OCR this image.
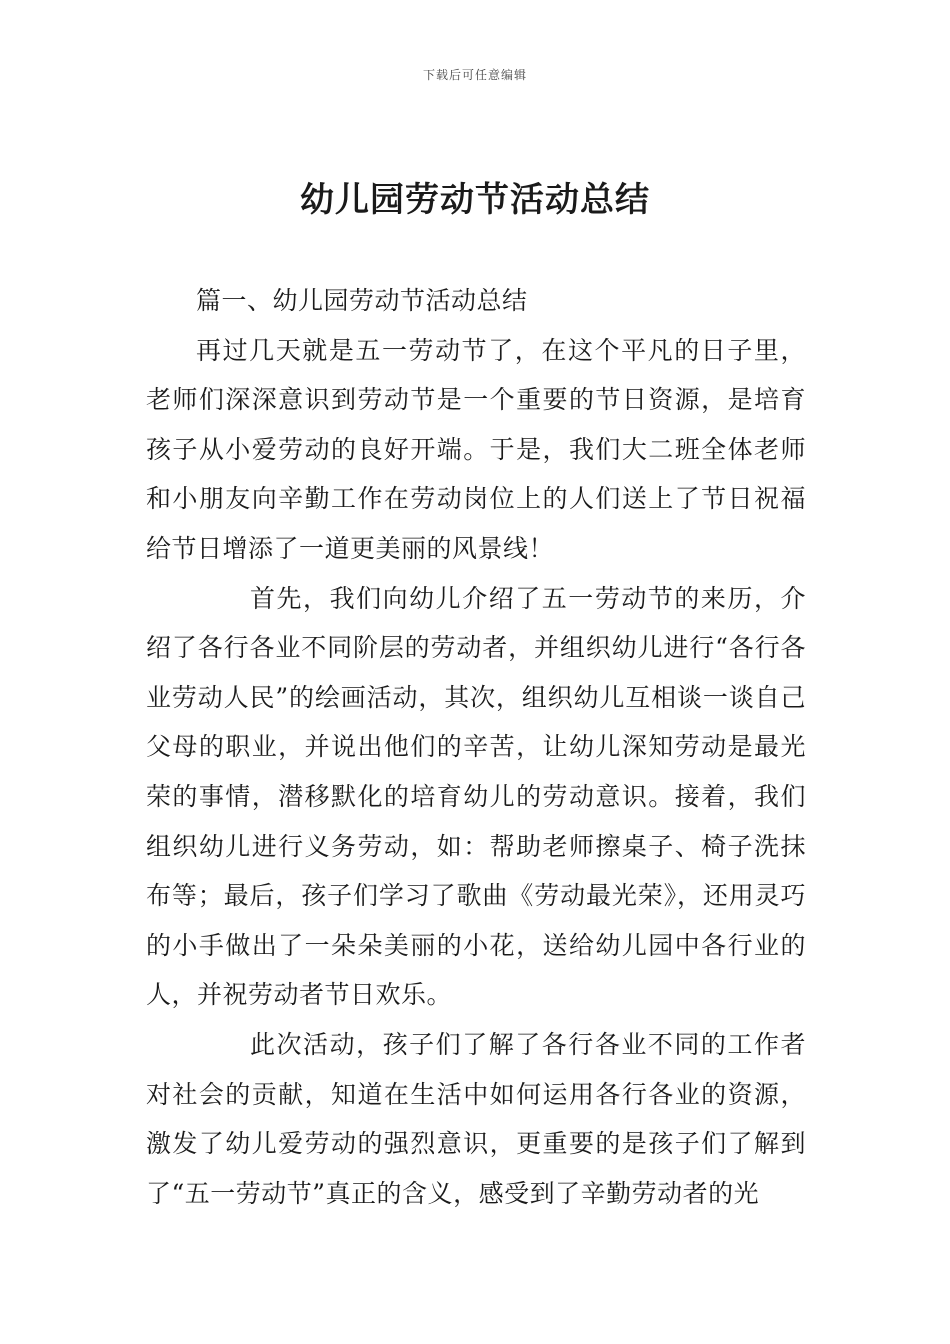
下载后可任意编辑
幼儿园劳动节活动总结

篇一、幼儿园劳动节活动总结

再过几天就是五一劳动节了，在这个平凡的日子里，老师们深深意识到劳动节是一个重要的节日资源，是培育孩子从小爱劳动的良好开端。于是，我们大二班全体老师和小朋友向辛勤工作在劳动岗位上的人们送上了节日祝福给节日增添了一道更美丽的风景线！

首先，我们向幼儿介绍了五一劳动节的来历，介绍了各行各业不同阶层的劳动者，并组织幼儿进行“各行各业劳动人民”的绘画活动，其次，组织幼儿互相谈一谈自己父母的职业，并说出他们的辛苦，让幼儿深知劳动是最光荣的事情，潜移默化的培育幼儿的劳动意识。接着，我们组织幼儿进行义务劳动，如：帮助老师擦桌子、椅子洗抹布等；最后，孩子们学习了歌曲《劳动最光荣》，还用灵巧的小手做出了一朵朵美丽的小花，送给幼儿园中各行业的人，并祝劳动者节日欢乐。

此次活动，孩子们了解了各行各业不同的工作者对社会的贡献，知道在生活中如何运用各行各业的资源，激发了幼儿爱劳动的强烈意识，更重要的是孩子们了解到了“五一劳动节”真正的含义，感受到了辛勤劳动者的光
